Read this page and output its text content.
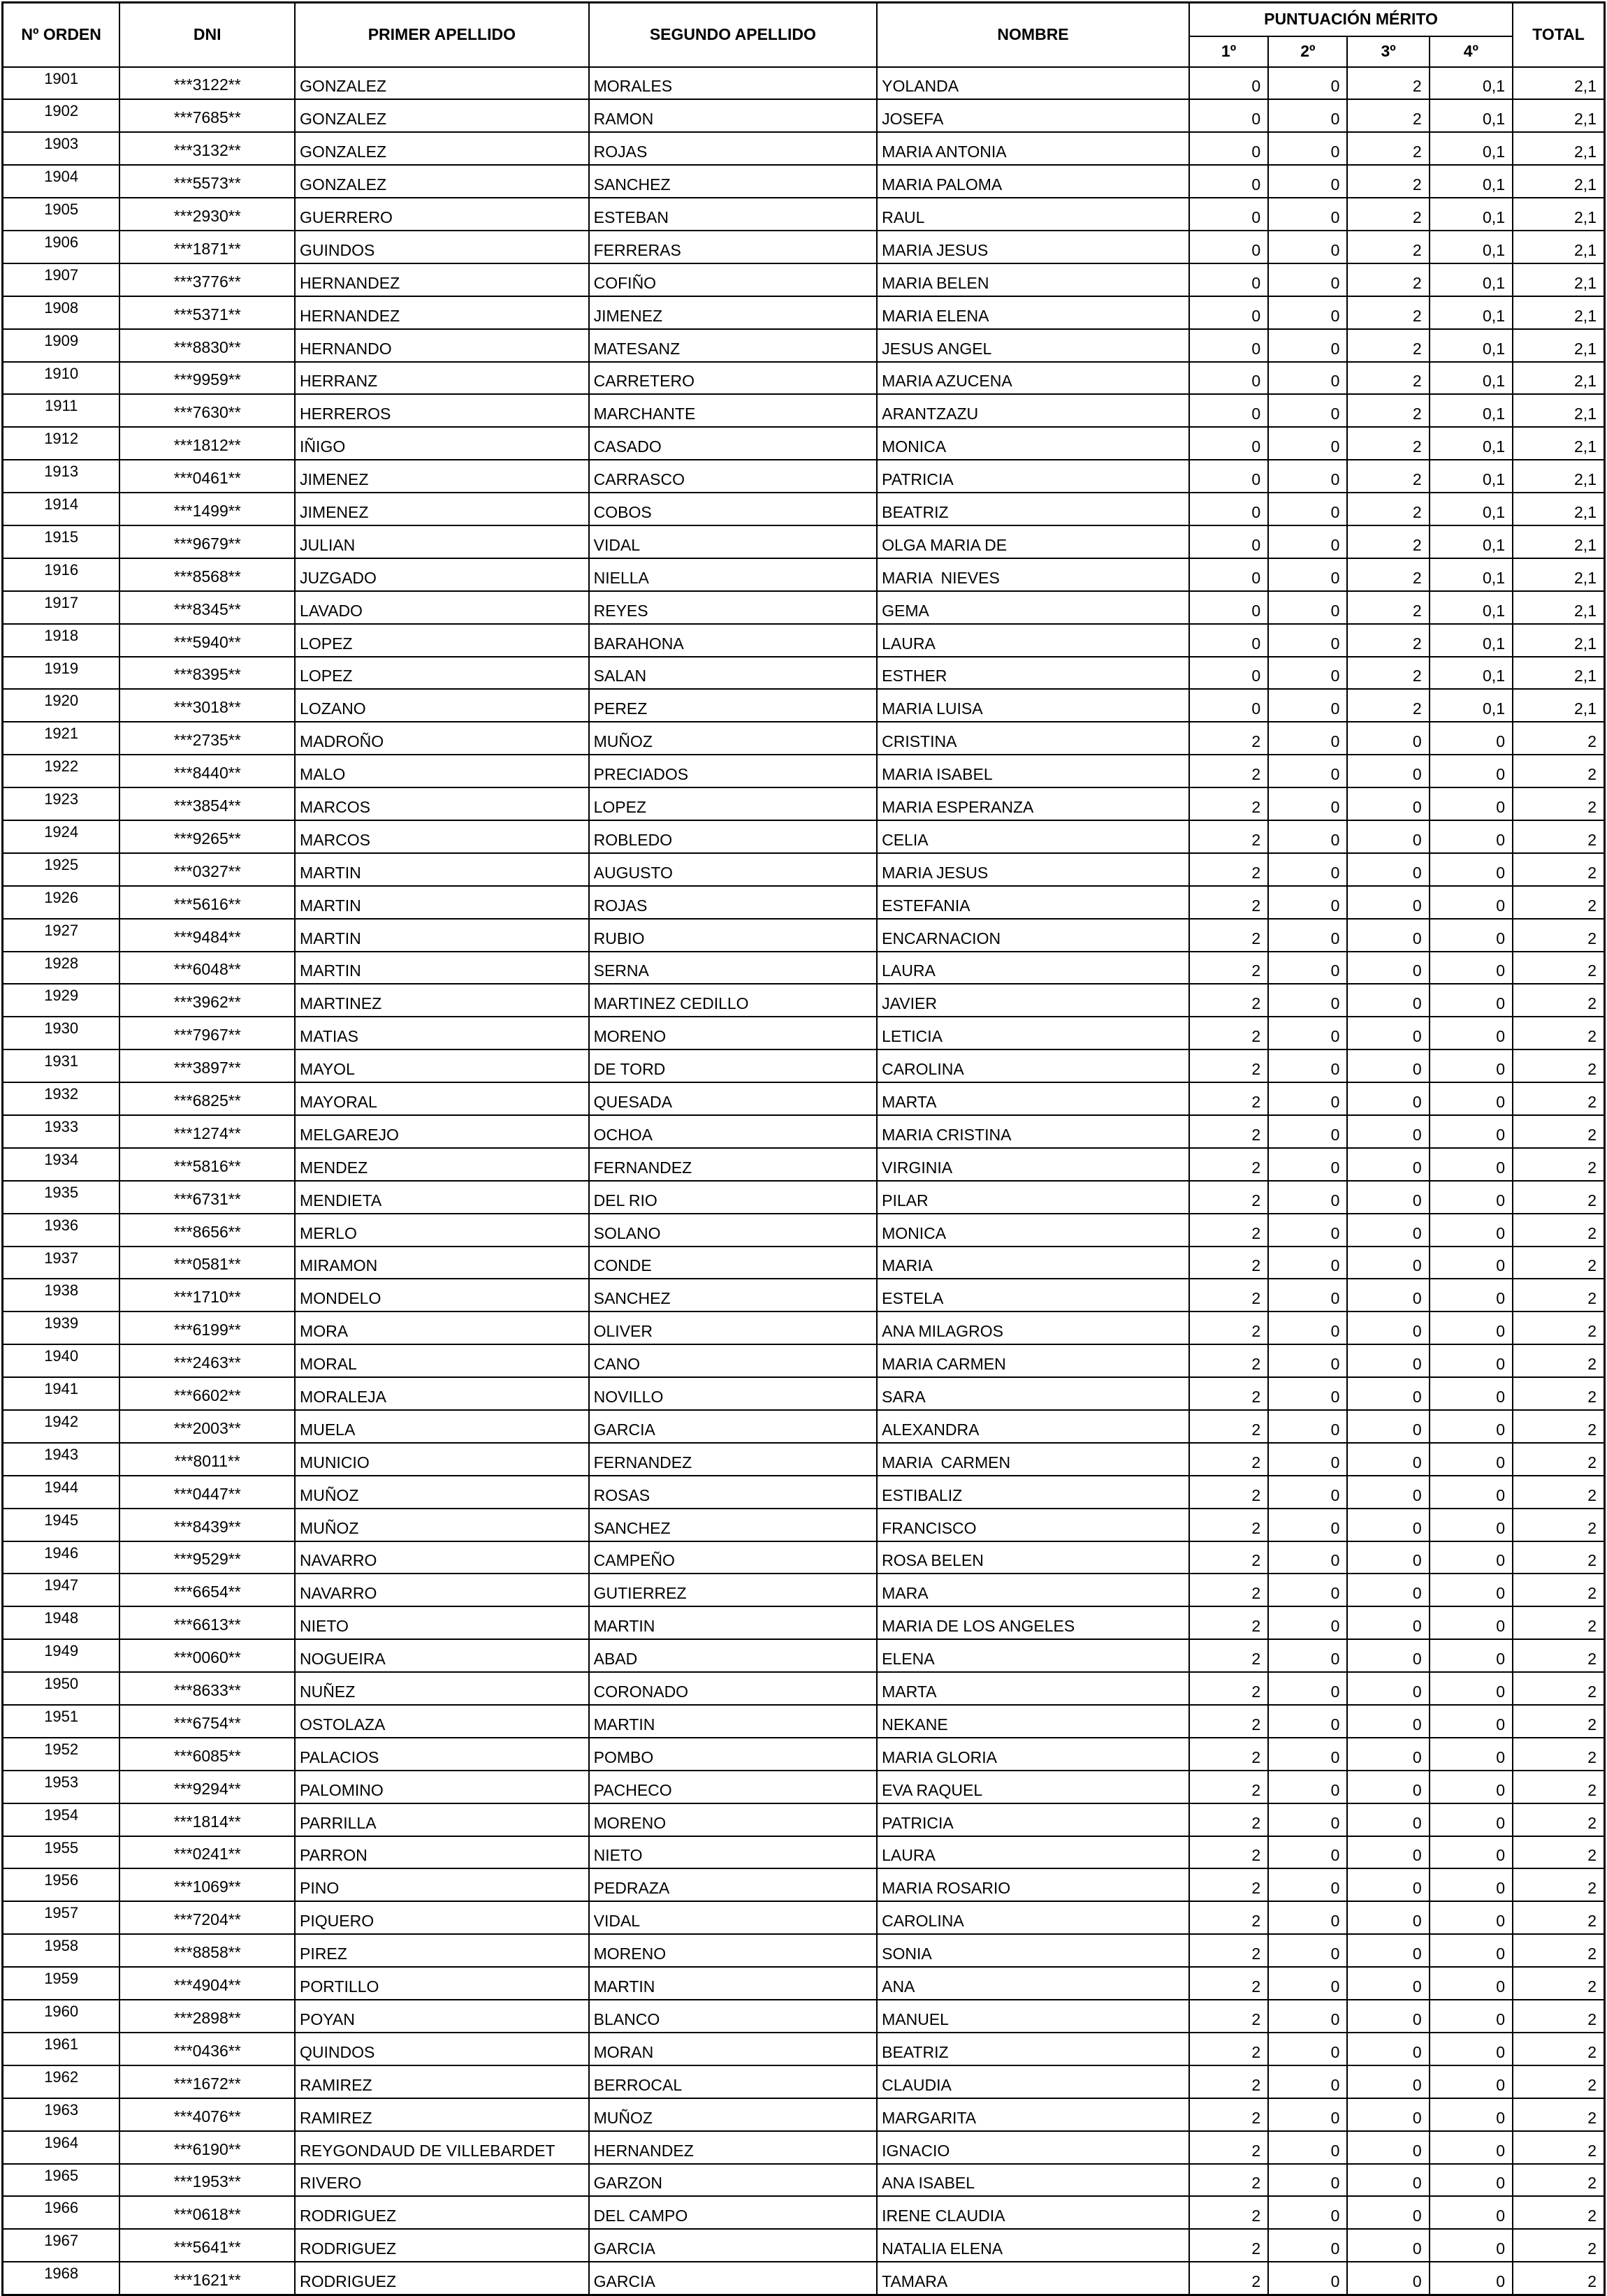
Nº ORDEN	DNI	PRIMER APELLIDO	SEGUNDO APELLIDO	NOMBRE	PUNTUACIÓN MÉRITO				TOTAL
					1º	2º	3º	4º	
1901	***3122**	GONZALEZ	MORALES	YOLANDA	0	0	2	0,1	2,1
1902	***7685**	GONZALEZ	RAMON	JOSEFA	0	0	2	0,1	2,1
1903	***3132**	GONZALEZ	ROJAS	MARIA ANTONIA	0	0	2	0,1	2,1
1904	***5573**	GONZALEZ	SANCHEZ	MARIA PALOMA	0	0	2	0,1	2,1
1905	***2930**	GUERRERO	ESTEBAN	RAUL	0	0	2	0,1	2,1
1906	***1871**	GUINDOS	FERRERAS	MARIA JESUS	0	0	2	0,1	2,1
1907	***3776**	HERNANDEZ	COFIÑO	MARIA BELEN	0	0	2	0,1	2,1
1908	***5371**	HERNANDEZ	JIMENEZ	MARIA ELENA	0	0	2	0,1	2,1
1909	***8830**	HERNANDO	MATESANZ	JESUS ANGEL	0	0	2	0,1	2,1
1910	***9959**	HERRANZ	CARRETERO	MARIA AZUCENA	0	0	2	0,1	2,1
1911	***7630**	HERREROS	MARCHANTE	ARANTZAZU	0	0	2	0,1	2,1
1912	***1812**	IÑIGO	CASADO	MONICA	0	0	2	0,1	2,1
1913	***0461**	JIMENEZ	CARRASCO	PATRICIA	0	0	2	0,1	2,1
1914	***1499**	JIMENEZ	COBOS	BEATRIZ	0	0	2	0,1	2,1
1915	***9679**	JULIAN	VIDAL	OLGA MARIA DE	0	0	2	0,1	2,1
1916	***8568**	JUZGADO	NIELLA	MARIA  NIEVES	0	0	2	0,1	2,1
1917	***8345**	LAVADO	REYES	GEMA	0	0	2	0,1	2,1
1918	***5940**	LOPEZ	BARAHONA	LAURA	0	0	2	0,1	2,1
1919	***8395**	LOPEZ	SALAN	ESTHER	0	0	2	0,1	2,1
1920	***3018**	LOZANO	PEREZ	MARIA LUISA	0	0	2	0,1	2,1
1921	***2735**	MADROÑO	MUÑOZ	CRISTINA	2	0	0	0	2
1922	***8440**	MALO	PRECIADOS	MARIA ISABEL	2	0	0	0	2
1923	***3854**	MARCOS	LOPEZ	MARIA ESPERANZA	2	0	0	0	2
1924	***9265**	MARCOS	ROBLEDO	CELIA	2	0	0	0	2
1925	***0327**	MARTIN	AUGUSTO	MARIA JESUS	2	0	0	0	2
1926	***5616**	MARTIN	ROJAS	ESTEFANIA	2	0	0	0	2
1927	***9484**	MARTIN	RUBIO	ENCARNACION	2	0	0	0	2
1928	***6048**	MARTIN	SERNA	LAURA	2	0	0	0	2
1929	***3962**	MARTINEZ	MARTINEZ CEDILLO	JAVIER	2	0	0	0	2
1930	***7967**	MATIAS	MORENO	LETICIA	2	0	0	0	2
1931	***3897**	MAYOL	DE TORD	CAROLINA	2	0	0	0	2
1932	***6825**	MAYORAL	QUESADA	MARTA	2	0	0	0	2
1933	***1274**	MELGAREJO	OCHOA	MARIA CRISTINA	2	0	0	0	2
1934	***5816**	MENDEZ	FERNANDEZ	VIRGINIA	2	0	0	0	2
1935	***6731**	MENDIETA	DEL RIO	PILAR	2	0	0	0	2
1936	***8656**	MERLO	SOLANO	MONICA	2	0	0	0	2
1937	***0581**	MIRAMON	CONDE	MARIA	2	0	0	0	2
1938	***1710**	MONDELO	SANCHEZ	ESTELA	2	0	0	0	2
1939	***6199**	MORA	OLIVER	ANA MILAGROS	2	0	0	0	2
1940	***2463**	MORAL	CANO	MARIA CARMEN	2	0	0	0	2
1941	***6602**	MORALEJA	NOVILLO	SARA	2	0	0	0	2
1942	***2003**	MUELA	GARCIA	ALEXANDRA	2	0	0	0	2
1943	***8011**	MUNICIO	FERNANDEZ	MARIA  CARMEN	2	0	0	0	2
1944	***0447**	MUÑOZ	ROSAS	ESTIBALIZ	2	0	0	0	2
1945	***8439**	MUÑOZ	SANCHEZ	FRANCISCO	2	0	0	0	2
1946	***9529**	NAVARRO	CAMPEÑO	ROSA BELEN	2	0	0	0	2
1947	***6654**	NAVARRO	GUTIERREZ	MARA	2	0	0	0	2
1948	***6613**	NIETO	MARTIN	MARIA DE LOS ANGELES	2	0	0	0	2
1949	***0060**	NOGUEIRA	ABAD	ELENA	2	0	0	0	2
1950	***8633**	NUÑEZ	CORONADO	MARTA	2	0	0	0	2
1951	***6754**	OSTOLAZA	MARTIN	NEKANE	2	0	0	0	2
1952	***6085**	PALACIOS	POMBO	MARIA GLORIA	2	0	0	0	2
1953	***9294**	PALOMINO	PACHECO	EVA RAQUEL	2	0	0	0	2
1954	***1814**	PARRILLA	MORENO	PATRICIA	2	0	0	0	2
1955	***0241**	PARRON	NIETO	LAURA	2	0	0	0	2
1956	***1069**	PINO	PEDRAZA	MARIA ROSARIO	2	0	0	0	2
1957	***7204**	PIQUERO	VIDAL	CAROLINA	2	0	0	0	2
1958	***8858**	PIREZ	MORENO	SONIA	2	0	0	0	2
1959	***4904**	PORTILLO	MARTIN	ANA	2	0	0	0	2
1960	***2898**	POYAN	BLANCO	MANUEL	2	0	0	0	2
1961	***0436**	QUINDOS	MORAN	BEATRIZ	2	0	0	0	2
1962	***1672**	RAMIREZ	BERROCAL	CLAUDIA	2	0	0	0	2
1963	***4076**	RAMIREZ	MUÑOZ	MARGARITA	2	0	0	0	2
1964	***6190**	REYGONDAUD DE VILLEBARDET	HERNANDEZ	IGNACIO	2	0	0	0	2
1965	***1953**	RIVERO	GARZON	ANA ISABEL	2	0	0	0	2
1966	***0618**	RODRIGUEZ	DEL CAMPO	IRENE CLAUDIA	2	0	0	0	2
1967	***5641**	RODRIGUEZ	GARCIA	NATALIA ELENA	2	0	0	0	2
1968	***1621**	RODRIGUEZ	GARCIA	TAMARA	2	0	0	0	2
